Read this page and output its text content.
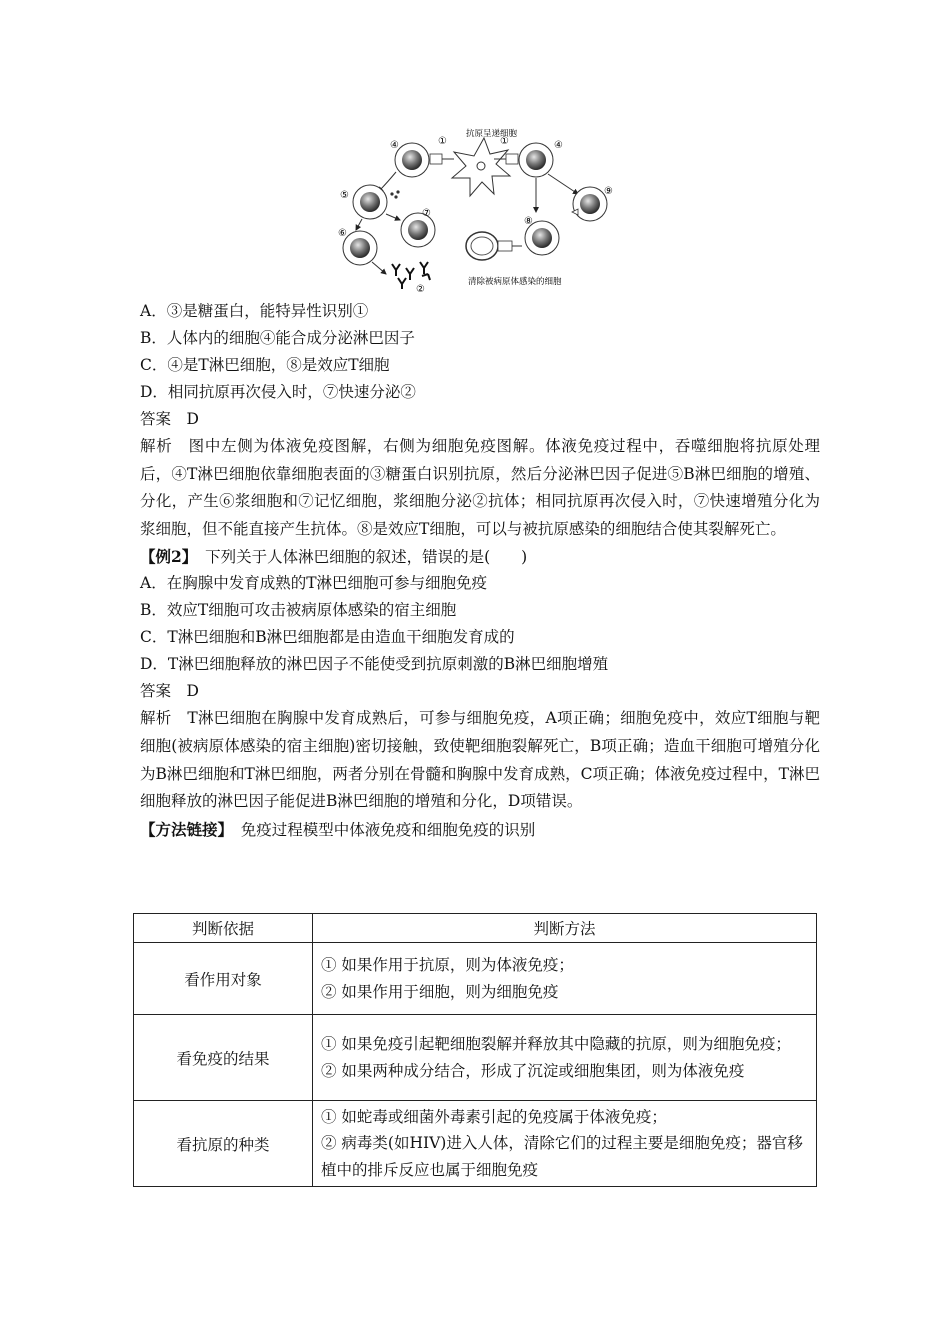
抗原呈递细胞
④	①	④
①
⑤
⑦
⑥
②
⑨
⑧
清除被病原体感染的细胞
A．③是糖蛋白，能特异性识别①
B．人体内的细胞④能合成分泌淋巴因子
C．④是T淋巴细胞，⑧是效应T细胞
D．相同抗原再次侵入时，⑦快速分泌②
答案　D
解析　图中左侧为体液免疫图解，右侧为细胞免疫图解。体液免疫过程中，吞噬细胞将抗原处理后，④T淋巴细胞依靠细胞表面的③糖蛋白识别抗原，然后分泌淋巴因子促进⑤B淋巴细胞的增殖、分化，产生⑥浆细胞和⑦记忆细胞，浆细胞分泌②抗体；相同抗原再次侵入时，⑦快速增殖分化为浆细胞，但不能直接产生抗体。⑧是效应T细胞，可以与被抗原感染的细胞结合使其裂解死亡。
【例2】　 下列关于人体淋巴细胞的叙述，错误的是(　　)
A．在胸腺中发育成熟的T淋巴细胞可参与细胞免疫
B．效应T细胞可攻击被病原体感染的宿主细胞
C．T淋巴细胞和B淋巴细胞都是由造血干细胞发育成的
D．T淋巴细胞释放的淋巴因子不能使受到抗原刺激的B淋巴细胞增殖
答案　D
解析　T淋巴细胞在胸腺中发育成熟后，可参与细胞免疫，A项正确；细胞免疫中，效应T细胞与靶细胞(被病原体感染的宿主细胞)密切接触，致使靶细胞裂解死亡，B项正确；造血干细胞可增殖分化为B淋巴细胞和T淋巴细胞，两者分别在骨髓和胸腺中发育成熟，C项正确；体液免疫过程中，T淋巴细胞释放的淋巴因子能促进B淋巴细胞的增殖和分化，D项错误。
【方法链接】　 免疫过程模型中体液免疫和细胞免疫的识别
判断依据	判断方法
看作用对象	① 如果作用于抗原，则为体液免疫；
② 如果作用于细胞，则为细胞免疫

看免疫的结果	① 如果免疫引起靶细胞裂解并释放其中隐藏的抗原，则为细胞免疫；
② 如果两种成分结合，形成了沉淀或细胞集团，则为体液免疫

看抗原的种类	① 如蛇毒或细菌外毒素引起的免疫属于体液免疫；
② 病毒类(如HIV)进入人体，清除它们的过程主要是细胞免疫；器官移植中的排斥反应也属于细胞免疫
